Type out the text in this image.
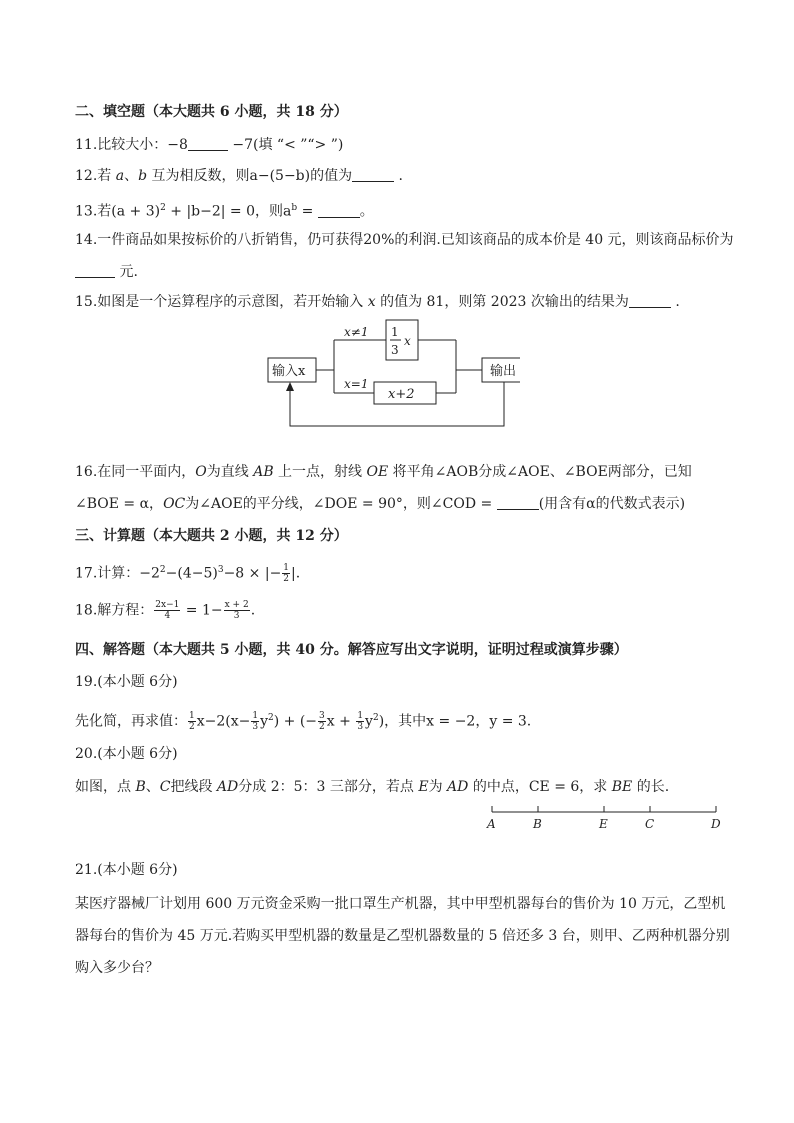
二、填空题（本大题共 6 小题，共 18 分）
11.比较大小：−8	−7(填 “< ”“> ”)
12.若 a、b 互为相反数，则a−(5−b)的值为	.
13.若$(a + 3)^2 + |b-2| = 0$，则$a^b$ =	。
14.一件商品如果按标价的八折销售，仍可获得20%的利润.已知该商品的成本价是 40 元，则该商品标价为
元.
15.如图是一个运算程序的示意图，若开始输入 x 的值为 81，则第 2023 次输出的结果为	.
输入x	输出
x≠1
x=1
1
3
x
x+2
16.在同一平面内，O为直线 AB 上一点，射线 OE 将平角∠AOB分成∠AOE、∠BOE两部分，已知
∠BOE = α，OC为∠AOE的平分线，∠DOE = 90°，则∠COD =	(用含有α的代数式表示)
三、计算题（本大题共 2 小题，共 12 分）
17.计算：$-2^2-(4-5)^3-8$ × |− $\frac{1}{2}$ |.
18.解方程： $\frac{2x-1}{4} = 1- \frac{x + 2}{3}$ .
四、解答题（本大题共 5 小题，共 40 分。解答应写出文字说明，证明过程或演算步骤）
19.(本小题 6分)
先化简，再求值： $\frac{1}{2} x-2(x- \frac{1}{3} y^2)$ + (− $\frac{3}{2}$ $x + \frac{1}{3} y^2$)，其中x = −2，y = 3.
20.(本小题 6分)
如图，点 B、C把线段 AD分成 2：5：3 三部分，若点 E为 AD 的中点，CE = 6，求 BE 的长.
A	B	E	C	D
21.(本小题 6分)
某医疗器械厂计划用 600 万元资金采购一批口罩生产机器，其中甲型机器每台的售价为 10 万元，乙型机
器每台的售价为 45 万元.若购买甲型机器的数量是乙型机器数量的 5 倍还多 3 台，则甲、乙两种机器分别
购入多少台？
